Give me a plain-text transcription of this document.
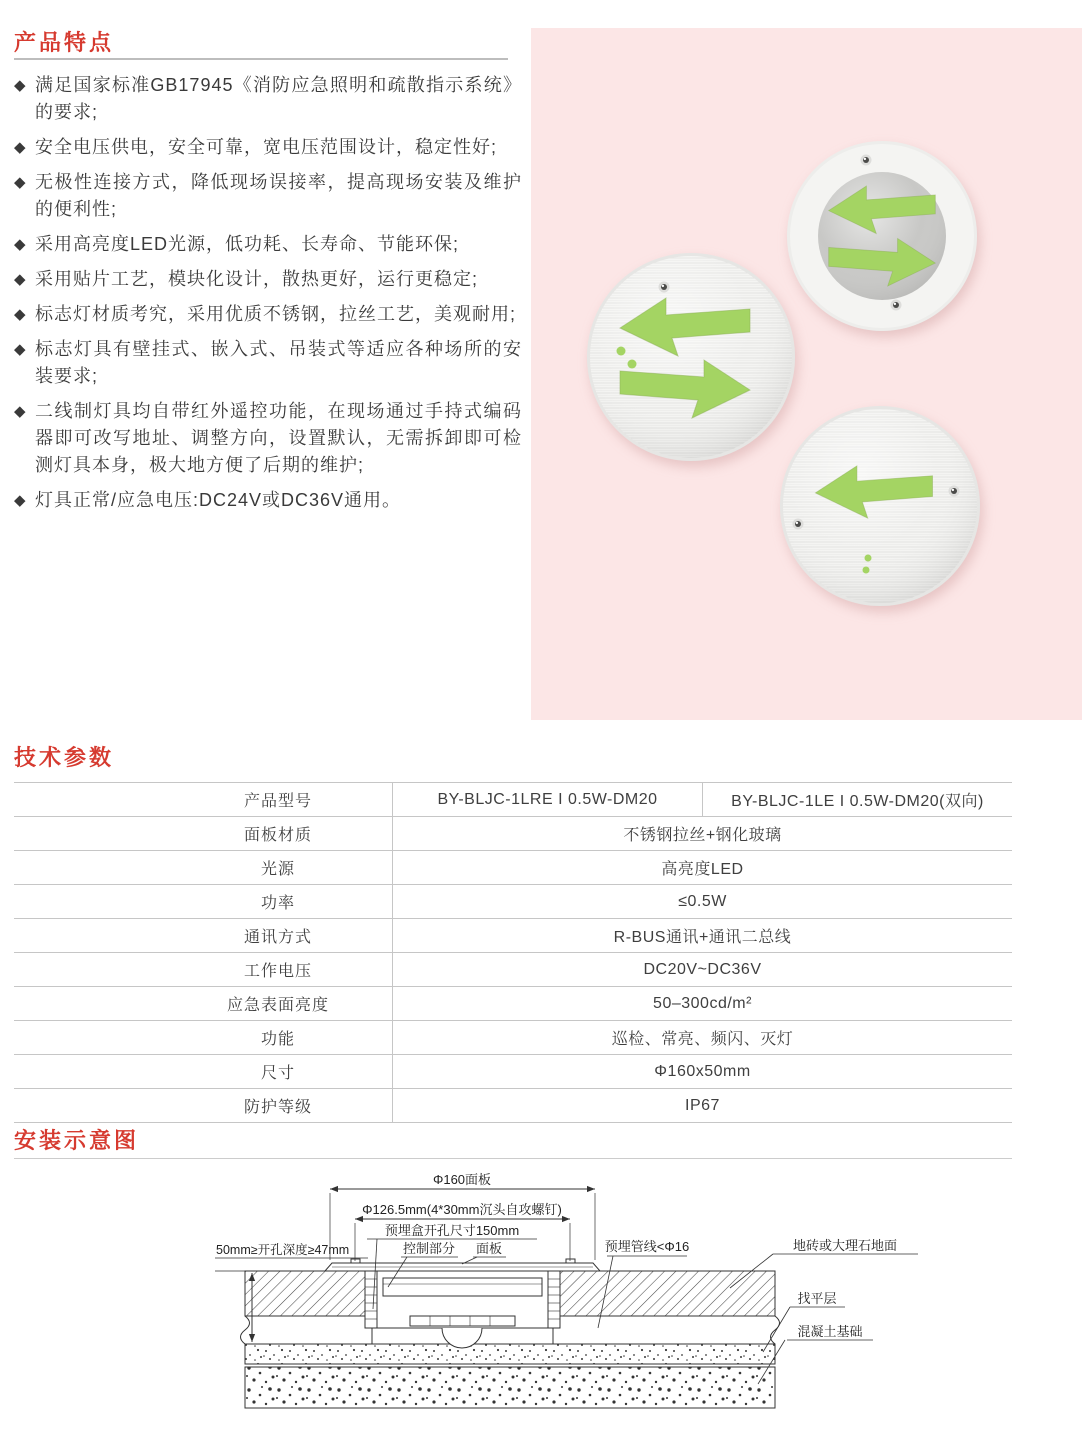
产品特点
◆ 满足国家标准GB17945《消防应急照明和疏散指示系统》的要求;
◆ 安全电压供电，安全可靠，宽电压范围设计，稳定性好;
◆ 无极性连接方式，降低现场误接率，提高现场安装及维护的便利性;
◆ 采用高亮度LED光源，低功耗、长寿命、节能环保;
◆ 采用贴片工艺，模块化设计，散热更好，运行更稳定;
◆ 标志灯材质考究，采用优质不锈钢，拉丝工艺，美观耐用;
◆ 标志灯具有壁挂式、嵌入式、吊装式等适应各种场所的安装要求;
◆ 二线制灯具均自带红外遥控功能，在现场通过手持式编码器即可改写地址、调整方向，设置默认，无需拆卸即可检测灯具本身，极大地方便了后期的维护;
◆ 灯具正常/应急电压:DC24V或DC36V通用。
技术参数
产品型号	BY-BLJC-1LRE I 0.5W-DM20	BY-BLJC-1LE I 0.5W-DM20(双向)
面板材质	不锈钢拉丝+钢化玻璃
光源	高亮度LED
功率	≤0.5W
通讯方式	R-BUS通讯+通讯二总线
工作电压	DC20V~DC36V
应急表面亮度	50–300cd/m²
功能	巡检、常亮、频闪、灭灯
尺寸	Φ160x50mm
防护等级	IP67
安装示意图
Φ160面板
Φ126.5mm(4*30mm沉头自攻螺钉)
预埋盒开孔尺寸150mm
控制部分 面板
50mm≥开孔深度≥47mm	预埋管线<Φ16	地砖或大理石地面
找平层
混凝土基础
